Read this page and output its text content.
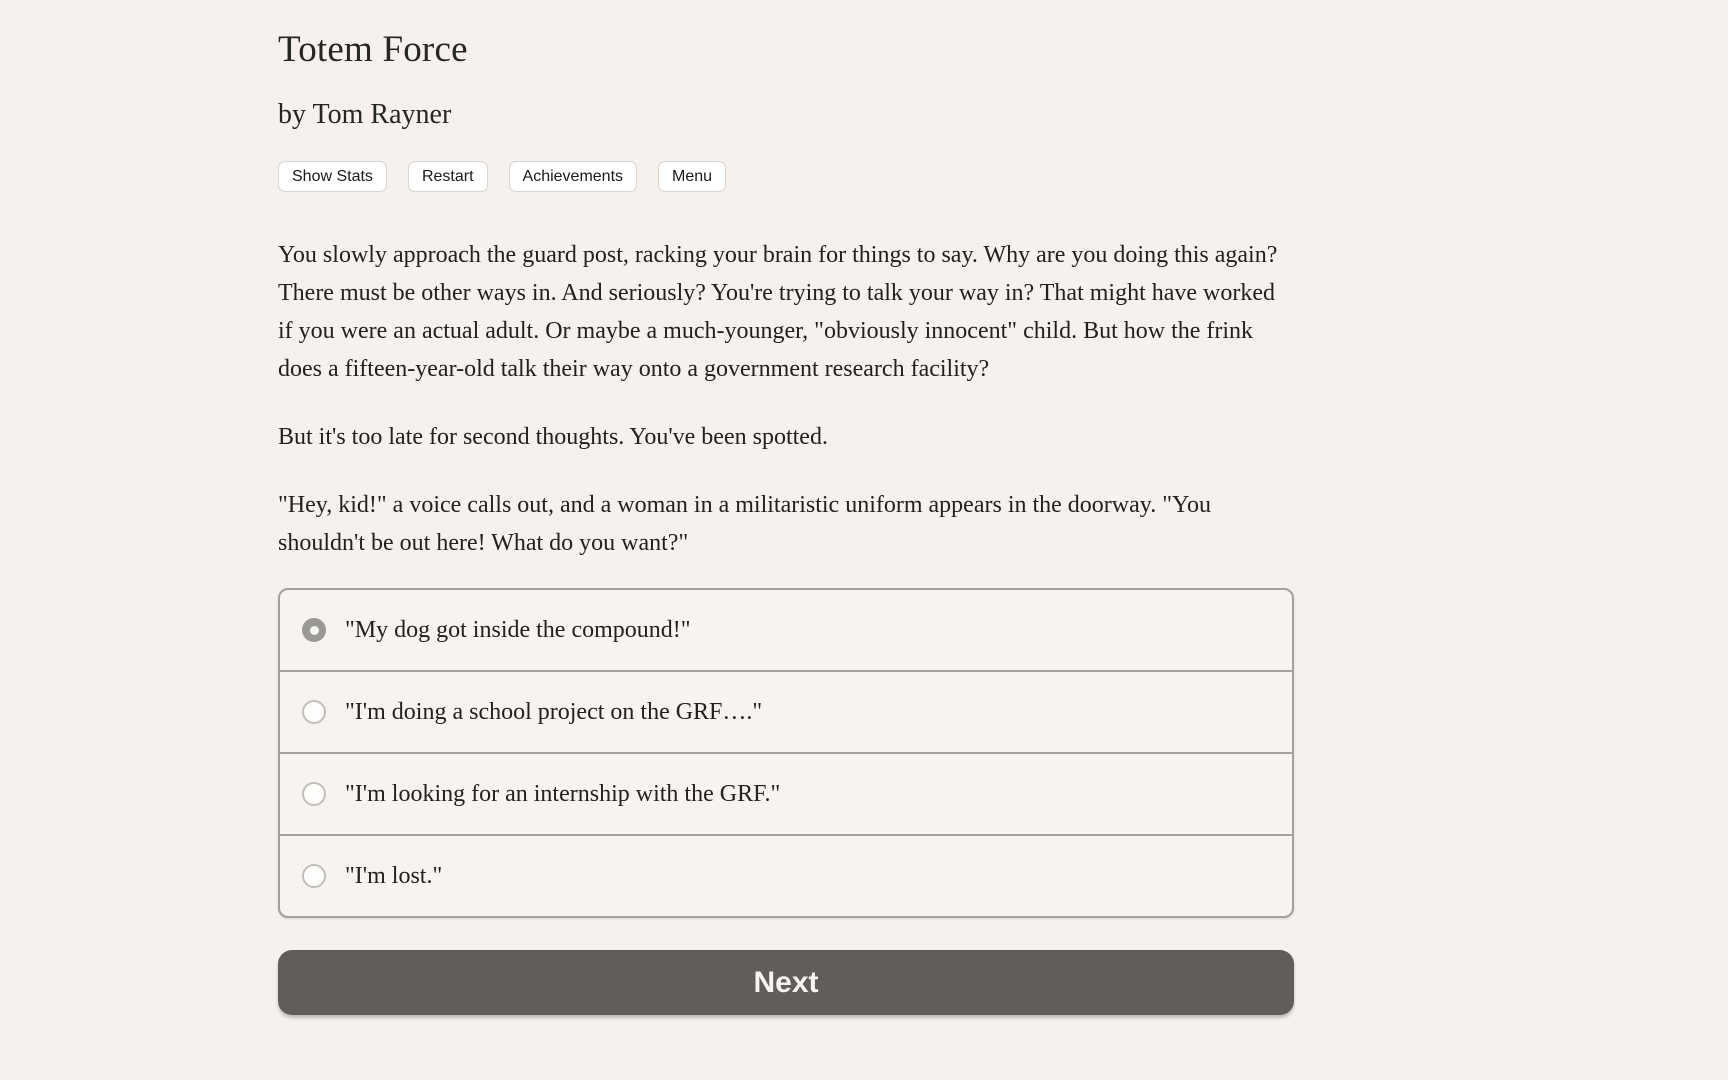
Totem Force
by Tom Rayner
Show Stats	Restart	Achievements	Menu

You slowly approach the guard post, racking your brain for things to say. Why are you doing this again? There must be other ways in. And seriously? You're trying to talk your way in? That might have worked if you were an actual adult. Or maybe a much-younger, "obviously innocent" child. But how the frink does a fifteen-year-old talk their way onto a government research facility?

But it's too late for second thoughts. You've been spotted.

"Hey, kid!" a voice calls out, and a woman in a militaristic uniform appears in the doorway. "You shouldn't be out here! What do you want?"

"My dog got inside the compound!"
"I'm doing a school project on the GRF…."
"I'm looking for an internship with the GRF."
"I'm lost."
Next
